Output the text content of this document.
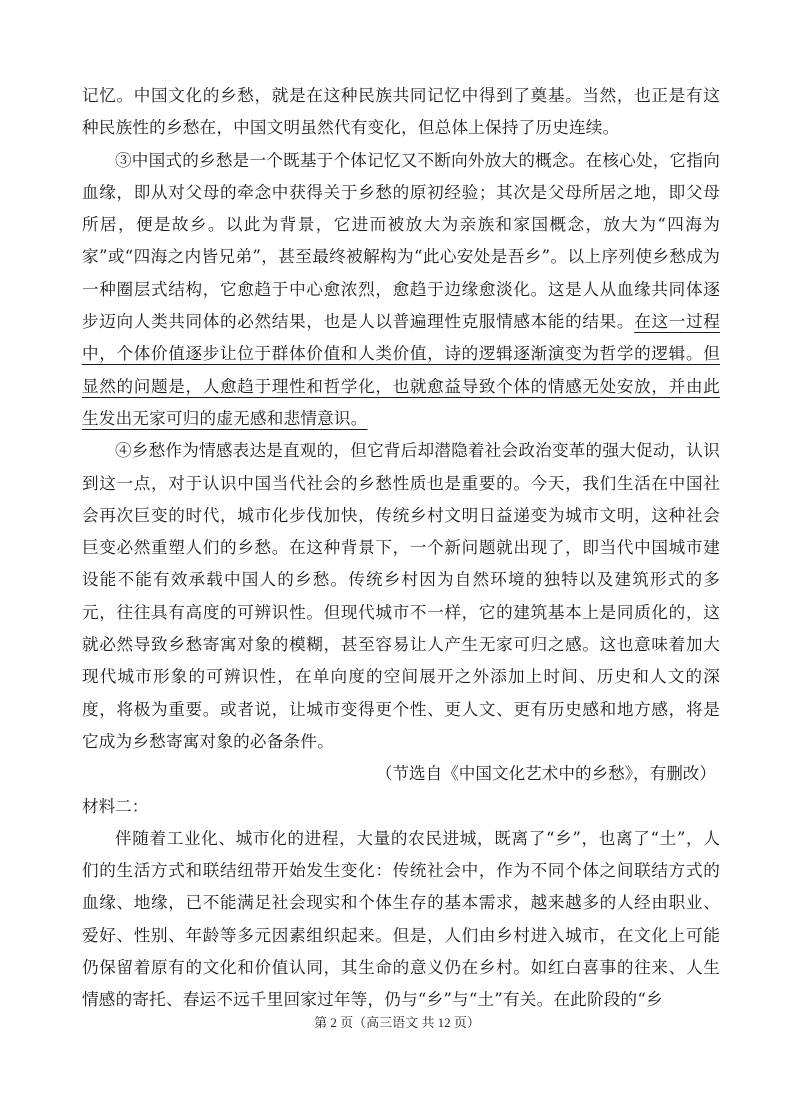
记忆。中国文化的乡愁，就是在这种民族共同记忆中得到了奠基。当然，也正是有这种民族性的乡愁在，中国文明虽然代有变化，但总体上保持了历史连续。

③中国式的乡愁是一个既基于个体记忆又不断向外放大的概念。在核心处，它指向血缘，即从对父母的牵念中获得关于乡愁的原初经验；其次是父母所居之地，即父母所居，便是故乡。以此为背景，它进而被放大为亲族和家国概念，放大为“四海为家”或“四海之内皆兄弟”，甚至最终被解构为“此心安处是吾乡”。以上序列使乡愁成为一种圈层式结构，它愈趋于中心愈浓烈，愈趋于边缘愈淡化。这是人从血缘共同体逐步迈向人类共同体的必然结果，也是人以普遍理性克服情感本能的结果。在这一过程中，个体价值逐步让位于群体价值和人类价值，诗的逻辑逐渐演变为哲学的逻辑。但显然的问题是，人愈趋于理性和哲学化，也就愈益导致个体的情感无处安放，并由此生发出无家可归的虚无感和悲情意识。

④乡愁作为情感表达是直观的，但它背后却潜隐着社会政治变革的强大促动，认识到这一点，对于认识中国当代社会的乡愁性质也是重要的。今天，我们生活在中国社会再次巨变的时代，城市化步伐加快，传统乡村文明日益递变为城市文明，这种社会巨变必然重塑人们的乡愁。在这种背景下，一个新问题就出现了，即当代中国城市建设能不能有效承载中国人的乡愁。传统乡村因为自然环境的独特以及建筑形式的多元，往往具有高度的可辨识性。但现代城市不一样，它的建筑基本上是同质化的，这就必然导致乡愁寄寓对象的模糊，甚至容易让人产生无家可归之感。这也意味着加大现代城市形象的可辨识性，在单向度的空间展开之外添加上时间、历史和人文的深度，将极为重要。或者说，让城市变得更个性、更人文、更有历史感和地方感，将是它成为乡愁寄寓对象的必备条件。

（节选自《中国文化艺术中的乡愁》，有删改）

材料二：

伴随着工业化、城市化的进程，大量的农民进城，既离了“乡”，也离了“土”，人们的生活方式和联结纽带开始发生变化：传统社会中，作为不同个体之间联结方式的血缘、地缘，已不能满足社会现实和个体生存的基本需求，越来越多的人经由职业、爱好、性别、年龄等多元因素组织起来。但是，人们由乡村进入城市，在文化上可能仍保留着原有的文化和价值认同，其生命的意义仍在乡村。如红白喜事的往来、人生情感的寄托、春运不远千里回家过年等，仍与“乡”与“土”有关。在此阶段的“乡

第 2 页（高三语文 共 12 页）
